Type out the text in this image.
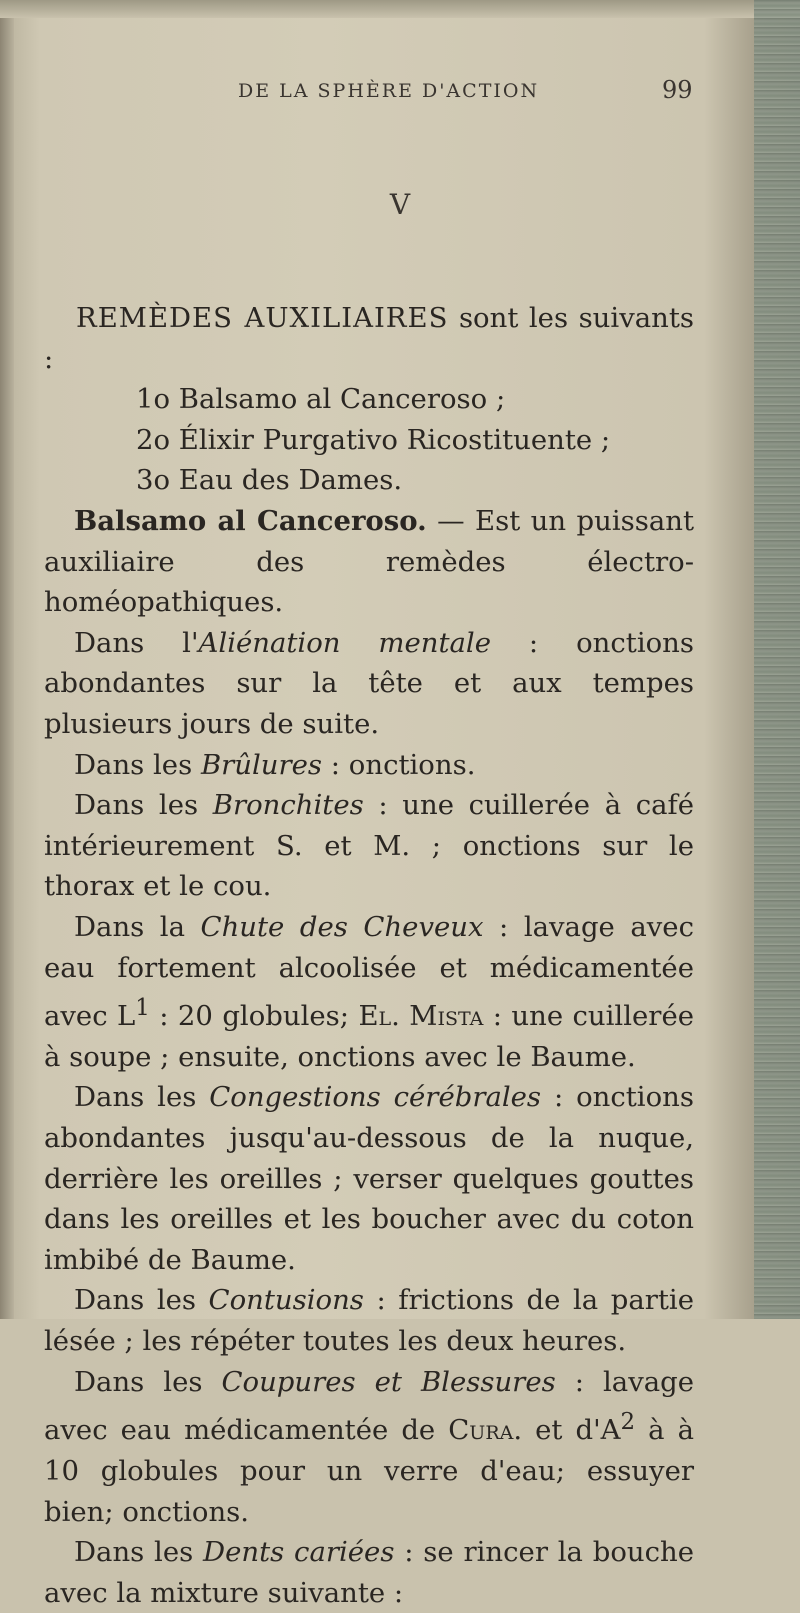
DE LA SPHÈRE D'ACTION	99
V

REMÈDES AUXILIAIRES sont les suivants :

1o Balsamo al Canceroso ;

2o Élixir Purgativo Ricostituente ;

3o Eau des Dames.

Balsamo al Canceroso. — Est un puissant auxiliaire des remèdes électro-homéopathiques.

Dans l'Aliénation mentale : onctions abondantes sur la tête et aux tempes plusieurs jours de suite.

Dans les Brûlures : onctions.

Dans les Bronchites : une cuillerée à café intérieurement S. et M. ; onctions sur le thorax et le cou.

Dans la Chute des Cheveux : lavage avec eau fortement alcoolisée et médicamentée avec $L^1$ : 20 globules; El. Mista : une cuillerée à soupe ; ensuite, onctions avec le Baume.

Dans les Congestions cérébrales : onctions abondantes jusqu'au-dessous de la nuque, derrière les oreilles ; verser quelques gouttes dans les oreilles et les boucher avec du coton imbibé de Baume.

Dans les Contusions : frictions de la partie lésée ; les répéter toutes les deux heures.

Dans les Coupures et Blessures : lavage avec eau médicamentée de Cura. et $d'A^2$ à à 10 globules pour un verre d'eau; essuyer bien; onctions.

Dans les Dents cariées : se rincer la bouche avec la mixture suivante :
